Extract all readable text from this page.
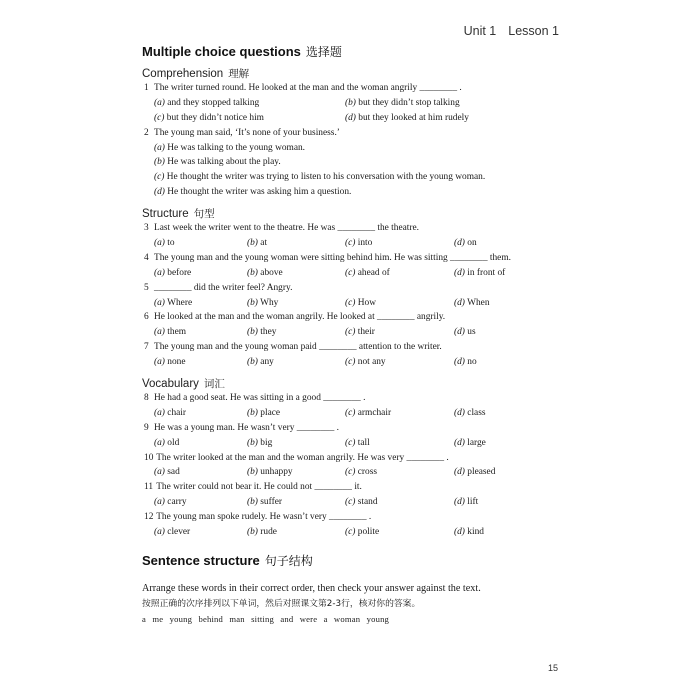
Unit 1 Lesson 1
Multiple choice questions 选择题
Comprehension 理解
1 The writer turned round. He looked at the man and the woman angrily ________ .
(a) and they stopped talking	(b) but they didn’t stop talking
(c) but they didn’t notice him	(d) but they looked at him rudely
2 The young man said, ‘It’s none of your business.’
(a) He was talking to the young woman.
(b) He was talking about the play.
(c) He thought the writer was trying to listen to his conversation with the young woman.
(d) He thought the writer was asking him a question.
Structure 句型
3 Last week the writer went to the theatre. He was ________ the theatre.
(a) to	(b) at	(c) into	(d) on
4 The young man and the young woman were sitting behind him. He was sitting ________ them.
(a) before	(b) above	(c) ahead of	(d) in front of
5 ________ did the writer feel? Angry.
(a) Where	(b) Why	(c) How	(d) When
6 He looked at the man and the woman angrily. He looked at ________ angrily.
(a) them	(b) they	(c) their	(d) us
7 The young man and the young woman paid ________ attention to the writer.
(a) none	(b) any	(c) not any	(d) no
Vocabulary 词汇
8 He had a good seat. He was sitting in a good ________ .
(a) chair	(b) place	(c) armchair	(d) class
9 He was a young man. He wasn’t very ________ .
(a) old	(b) big	(c) tall	(d) large
10 The writer looked at the man and the woman angrily. He was very ________ .
(a) sad	(b) unhappy	(c) cross	(d) pleased
11 The writer could not bear it. He could not ________ it.
(a) carry	(b) suffer	(c) stand	(d) lift
12 The young man spoke rudely. He wasn’t very ________ .
(a) clever	(b) rude	(c) polite	(d) kind
Sentence structure 句子结构
Arrange these words in their correct order, then check your answer against the text.
按照正确的次序排列以下单词，然后对照课文第2-3行，核对你的答案。
a me young behind man sitting and were a woman young
15
